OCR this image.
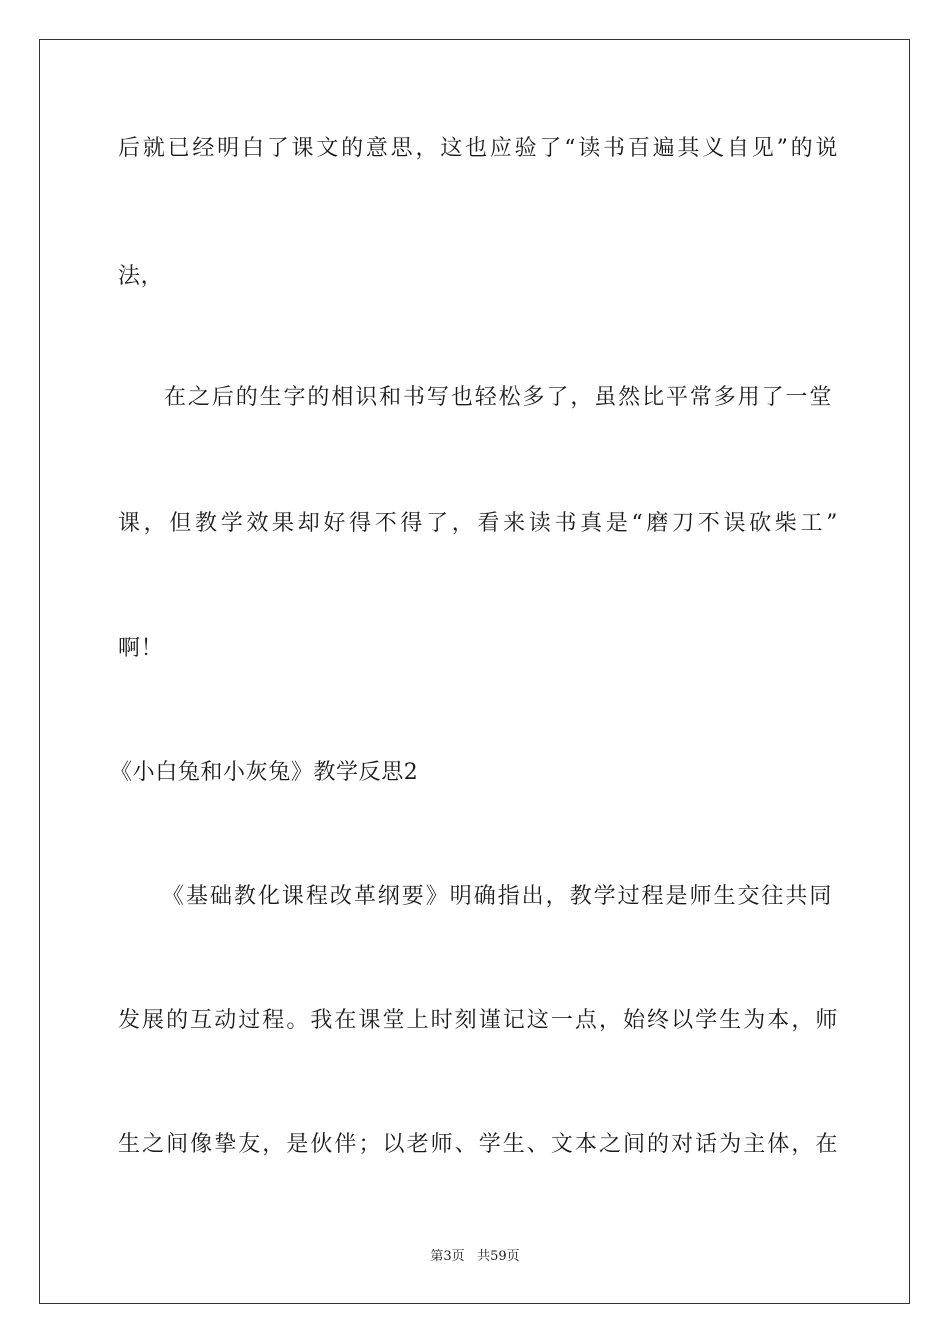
后就已经明白了课文的意思，这也应验了“读书百遍其义自见”的说
法，
在之后的生字的相识和书写也轻松多了，虽然比平常多用了一堂
课，但教学效果却好得不得了，看来读书真是“磨刀不误砍柴工”
啊！
《小白兔和小灰兔》教学反思2
《基础教化课程改革纲要》明确指出，教学过程是师生交往共同
发展的互动过程。我在课堂上时刻谨记这一点，始终以学生为本，师
生之间像挚友，是伙伴；以老师、学生、文本之间的对话为主体，在
第3页 共59页
